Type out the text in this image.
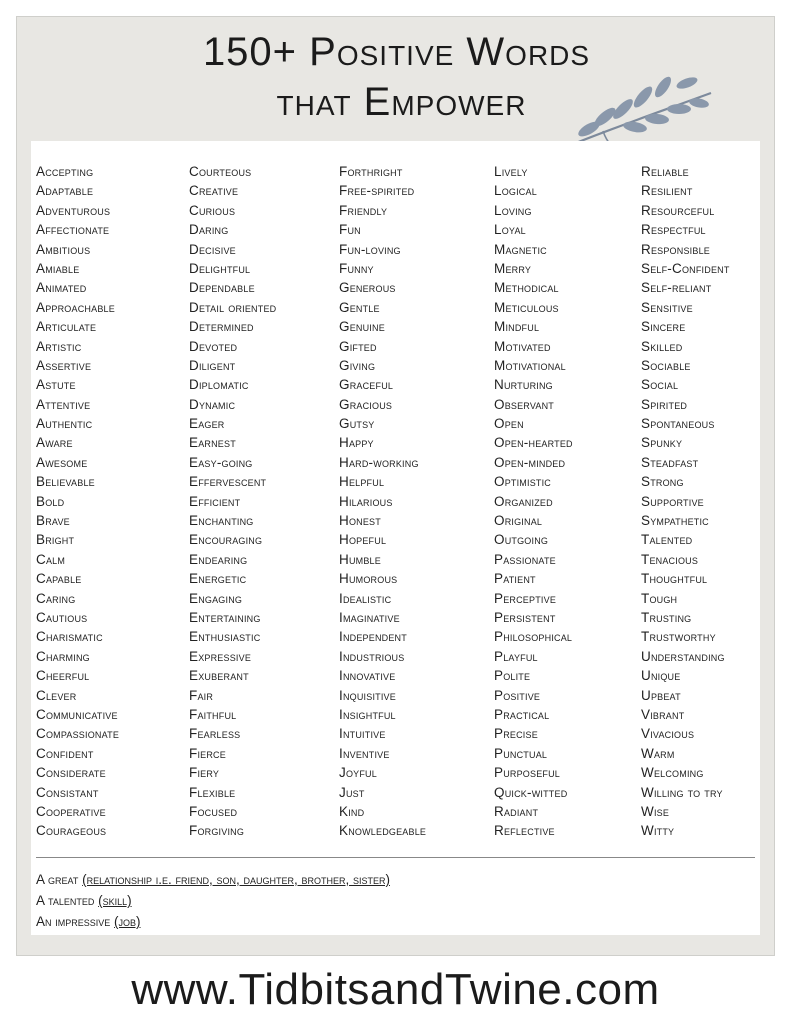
150+ Positive Words
that Empower
Accepting
Adaptable
Adventurous
Affectionate
Ambitious
Amiable
Animated
Approachable
Articulate
Artistic
Assertive
Astute
Attentive
Authentic
Aware
Awesome
Believable
Bold
Brave
Bright
Calm
Capable
Caring
Cautious
Charismatic
Charming
Cheerful
Clever
Communicative
Compassionate
Confident
Considerate
Consistant
Cooperative
Courageous
Courteous
Creative
Curious
Daring
Decisive
Delightful
Dependable
Detail oriented
Determined
Devoted
Diligent
Diplomatic
Dynamic
Eager
Earnest
Easy-going
Effervescent
Efficient
Enchanting
Encouraging
Endearing
Energetic
Engaging
Entertaining
Enthusiastic
Expressive
Exuberant
Fair
Faithful
Fearless
Fierce
Fiery
Flexible
Focused
Forgiving
Forthright
Free-spirited
Friendly
Fun
Fun-loving
Funny
Generous
Gentle
Genuine
Gifted
Giving
Graceful
Gracious
Gutsy
Happy
Hard-working
Helpful
Hilarious
Honest
Hopeful
Humble
Humorous
Idealistic
Imaginative
Independent
Industrious
Innovative
Inquisitive
Insightful
Intuitive
Inventive
Joyful
Just
Kind
Knowledgeable
Lively
Logical
Loving
Loyal
Magnetic
Merry
Methodical
Meticulous
Mindful
Motivated
Motivational
Nurturing
Observant
Open
Open-hearted
Open-minded
Optimistic
Organized
Original
Outgoing
Passionate
Patient
Perceptive
Persistent
Philosophical
Playful
Polite
Positive
Practical
Precise
Punctual
Purposeful
Quick-witted
Radiant
Reflective
Reliable
Resilient
Resourceful
Respectful
Responsible
Self-Confident
Self-reliant
Sensitive
Sincere
Skilled
Sociable
Social
Spirited
Spontaneous
Spunky
Steadfast
Strong
Supportive
Sympathetic
Talented
Tenacious
Thoughtful
Tough
Trusting
Trustworthy
Understanding
Unique
Upbeat
Vibrant
Vivacious
Warm
Welcoming
Willing to try
Wise
Witty
A great (relationship i.e. friend, son, daughter, brother, sister)
A talented (skill)
An impressive (job)
www.TidbitsandTwine.com
